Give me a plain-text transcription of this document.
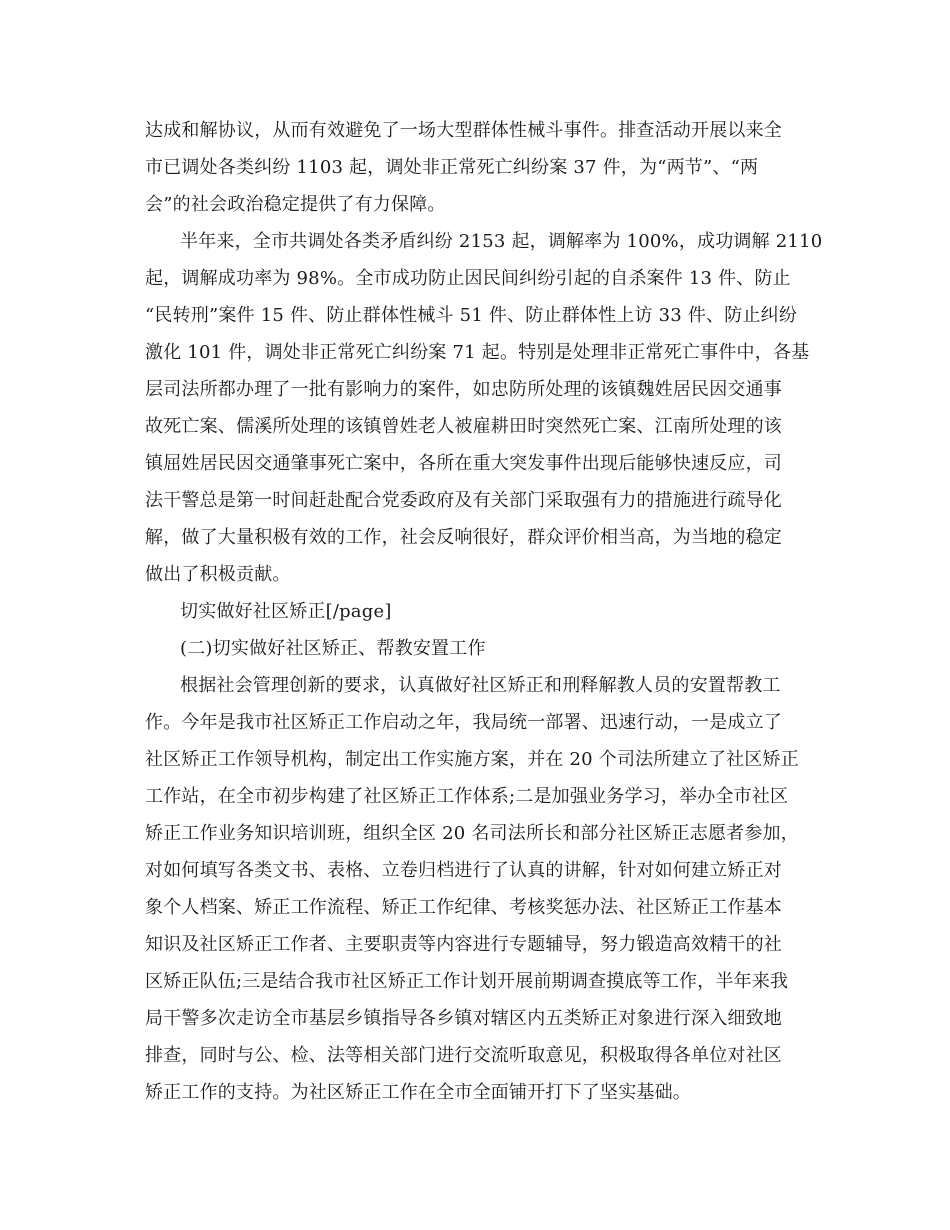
达成和解协议，从而有效避免了一场大型群体性械斗事件。排查活动开展以来全
市已调处各类纠纷 1103 起，调处非正常死亡纠纷案 37 件，为“两节”、“两
会”的社会政治稳定提供了有力保障。
半年来，全市共调处各类矛盾纠纷 2153 起，调解率为 100%，成功调解 2110
起，调解成功率为 98%。全市成功防止因民间纠纷引起的自杀案件 13 件、防止
“民转刑”案件 15 件、防止群体性械斗 51 件、防止群体性上访 33 件、防止纠纷
激化 101 件，调处非正常死亡纠纷案 71 起。特别是处理非正常死亡事件中，各基
层司法所都办理了一批有影响力的案件，如忠防所处理的该镇魏姓居民因交通事
故死亡案、儒溪所处理的该镇曾姓老人被雇耕田时突然死亡案、江南所处理的该
镇屈姓居民因交通肇事死亡案中，各所在重大突发事件出现后能够快速反应，司
法干警总是第一时间赶赴配合党委政府及有关部门采取强有力的措施进行疏导化
解，做了大量积极有效的工作，社会反响很好，群众评价相当高，为当地的稳定
做出了积极贡献。
切实做好社区矫正[/page]
(二)切实做好社区矫正、帮教安置工作
根据社会管理创新的要求，认真做好社区矫正和刑释解教人员的安置帮教工
作。今年是我市社区矫正工作启动之年，我局统一部署、迅速行动，一是成立了
社区矫正工作领导机构，制定出工作实施方案，并在 20 个司法所建立了社区矫正
工作站，在全市初步构建了社区矫正工作体系;二是加强业务学习，举办全市社区
矫正工作业务知识培训班，组织全区 20 名司法所长和部分社区矫正志愿者参加，
对如何填写各类文书、表格、立卷归档进行了认真的讲解，针对如何建立矫正对
象个人档案、矫正工作流程、矫正工作纪律、考核奖惩办法、社区矫正工作基本
知识及社区矫正工作者、主要职责等内容进行专题辅导，努力锻造高效精干的社
区矫正队伍;三是结合我市社区矫正工作计划开展前期调查摸底等工作，半年来我
局干警多次走访全市基层乡镇指导各乡镇对辖区内五类矫正对象进行深入细致地
排查，同时与公、检、法等相关部门进行交流听取意见，积极取得各单位对社区
矫正工作的支持。为社区矫正工作在全市全面铺开打下了坚实基础。
